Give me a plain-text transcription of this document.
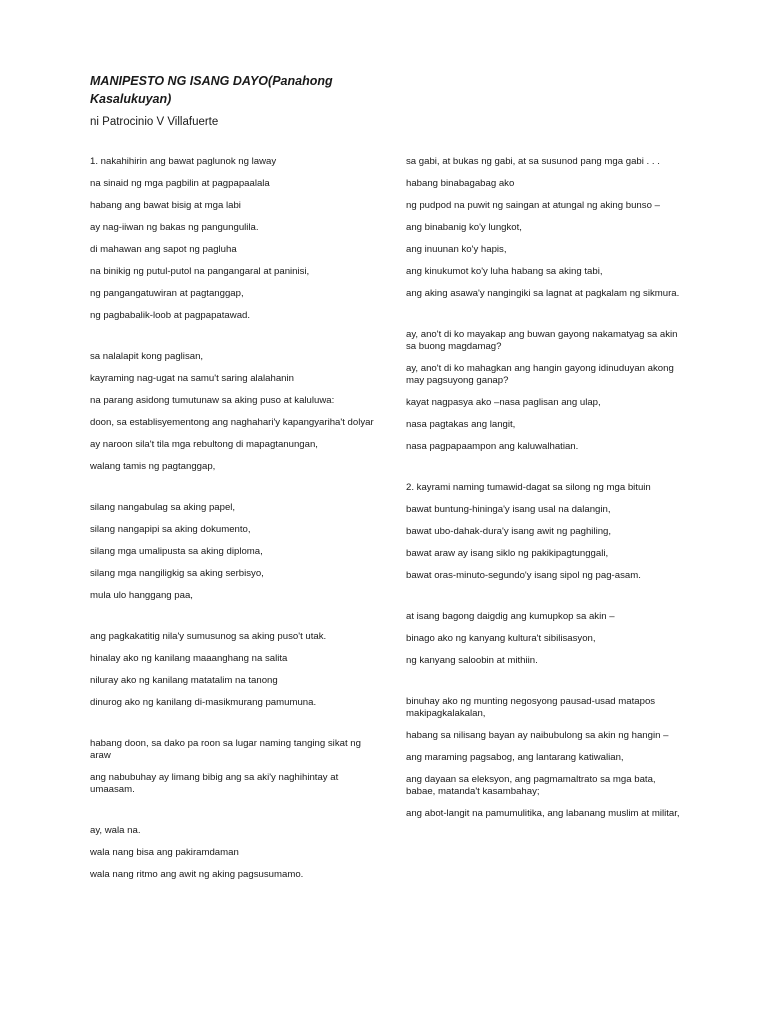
MANIPESTO NG ISANG DAYO(Panahong Kasalukuyan)
ni Patrocinio V Villafuerte

1. nakahihirin ang bawat paglunok ng laway

na sinaid ng mga pagbilin at pagpapaalala

habang ang bawat bisig at mga labi

ay nag-iiwan ng bakas ng pangungulila.

di mahawan ang sapot ng pagluha

na binikig ng putul-putol na pangangaral at paninisi,

ng pangangatuwiran at pagtanggap,

ng pagbabalik-loob at pagpapatawad.

sa nalalapit kong paglisan,

kayraming nag-ugat na samu't saring alalahanin

na parang asidong tumutunaw sa aking puso at kaluluwa:

doon, sa establisyementong ang naghahari'y kapangyariha't dolyar

ay naroon sila't tila mga rebultong di mapagtanungan,

walang tamis ng pagtanggap,

silang nangabulag sa aking papel,

silang nangapipi sa aking dokumento,

silang mga umalipusta sa aking diploma,

silang mga nangiligkig sa aking serbisyo,

mula ulo hanggang paa,

ang pagkakatitig nila'y sumusunog sa aking puso't utak.

hinalay ako ng kanilang maaanghang na salita

niluray ako ng kanilang matatalim na tanong

dinurog ako ng kanilang di-masikmurang pamumuna.

habang doon, sa dako pa roon sa lugar naming tanging sikat ng araw

ang nabubuhay ay limang bibig ang sa aki'y naghihintay at umaasam.

ay, wala na.

wala nang bisa ang pakiramdaman

wala nang ritmo ang awit ng aking pagsusumamo.

sa gabi, at bukas ng gabi, at sa susunod pang mga gabi . . .

habang binabagabag ako

ng pudpod na puwit ng saingan at atungal ng aking bunso –

ang binabanig ko'y lungkot,

ang inuunan ko'y hapis,

ang kinukumot ko'y luha habang sa aking tabi,

ang aking asawa'y nangingiki sa lagnat at pagkalam ng sikmura.

ay, ano't di ko mayakap ang buwan gayong nakamatyag sa akin sa buong magdamag?

ay, ano't di ko mahagkan ang hangin gayong idinuduyan akong may pagsuyong ganap?

kayat nagpasya ako –nasa paglisan ang ulap,

nasa pagtakas ang langit,

nasa pagpapaampon ang kaluwalhatian.

2. kayrami naming tumawid-dagat sa silong ng mga bituin

bawat buntung-hininga'y isang usal na dalangin,

bawat ubo-dahak-dura'y isang awit ng paghiling,

bawat araw ay isang siklo ng pakikipagtunggali,

bawat oras-minuto-segundo'y isang sipol ng pag-asam.

at isang bagong daigdig ang kumupkop sa akin –

binago ako ng kanyang kultura't sibilisasyon,

ng kanyang saloobin at mithiin.

binuhay ako ng munting negosyong pausad-usad matapos makipagkalakalan,

habang sa nilisang bayan ay naibubulong sa akin ng hangin –

ang maraming pagsabog, ang lantarang katiwalian,

ang dayaan sa eleksyon, ang pagmamaltrato sa mga bata, babae, matanda't kasambahay;

ang abot-langit na pamumulitika, ang labanang muslim at militar,
